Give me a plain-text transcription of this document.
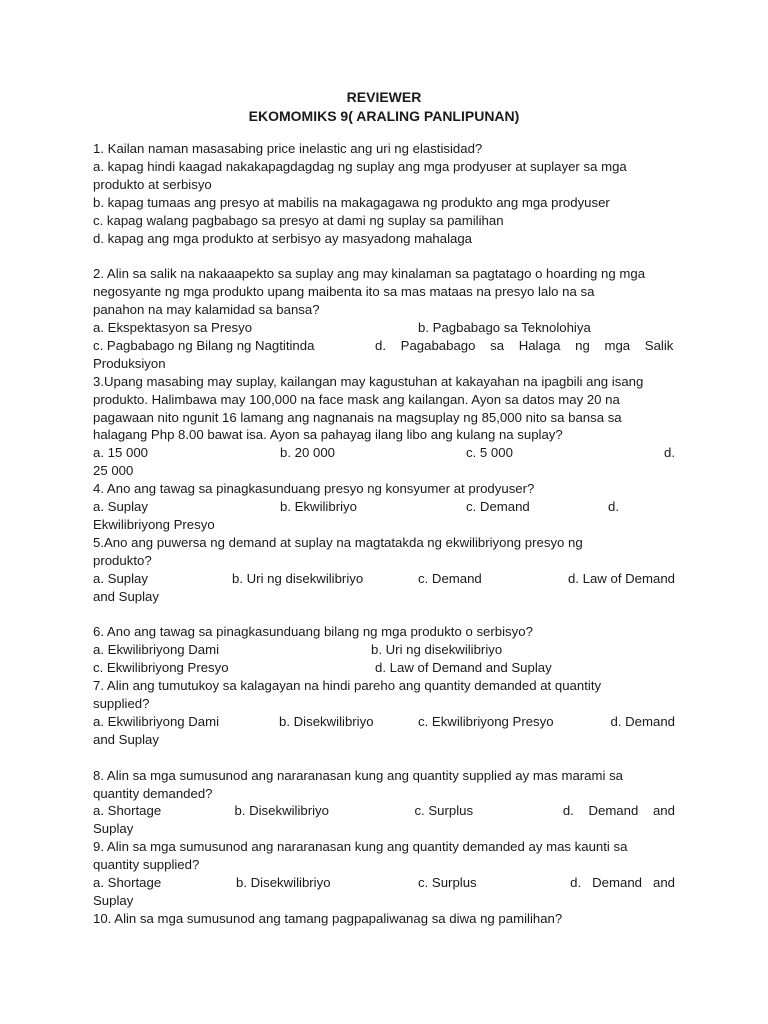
REVIEWER
EKOMOMIKS 9( ARALING PANLIPUNAN)
1. Kailan naman masasabing price inelastic ang uri ng elastisidad?
a. kapag hindi kaagad nakakapagdagdag ng suplay ang mga prodyuser at suplayer sa mga
produkto at serbisyo
b. kapag tumaas ang presyo at mabilis na makagagawa ng produkto ang mga prodyuser
c. kapag walang pagbabago sa presyo at dami ng suplay sa pamilihan
d. kapag ang mga produkto at serbisyo ay masyadong mahalaga
2. Alin sa salik na nakaaapekto sa suplay ang may kinalaman sa pagtatago o hoarding ng mga
negosyante ng mga produkto upang maibenta ito sa mas mataas na presyo lalo na sa
panahon na may kalamidad sa bansa?
a. Ekspektasyon sa Presyo	b. Pagbabago sa Teknolohiya
c. Pagbabago ng Bilang ng Nagtitinda	d.    Pagababago    sa    Halaga    ng    mga    Salik
Produksiyon
3.Upang masabing may suplay, kailangan may kagustuhan at kakayahan na ipagbili ang isang
produkto. Halimbawa may 100,000 na face mask ang kailangan. Ayon sa datos may 20 na
pagawaan nito ngunit 16 lamang ang nagnanais na magsuplay ng 85,000 nito sa bansa sa
halagang Php 8.00 bawat isa. Ayon sa pahayag ilang libo ang kulang na suplay?
a. 15 000	b. 20 000	c. 5 000	d.
25 000
4. Ano ang tawag sa pinagkasunduang presyo ng konsyumer at prodyuser?
a. Suplay	b. Ekwilibriyo	c. Demand	d.
Ekwilibriyong Presyo
5.Ano ang puwersa ng demand at suplay na magtatakda ng ekwilibriyong presyo ng
produkto?
a. Suplay	b. Uri ng disekwilibriyo	c. Demand	d. Law of Demand
and Suplay
6. Ano ang tawag sa pinagkasunduang bilang ng mga produkto o serbisyo?
a. Ekwilibriyong Dami	b. Uri ng disekwilibriyo
c. Ekwilibriyong Presyo	d. Law of Demand and Suplay
7. Alin ang tumutukoy sa kalagayan na hindi pareho ang quantity demanded at quantity
supplied?
a. Ekwilibriyong Dami	b. Disekwilibriyo	c. Ekwilibriyong Presyo	d. Demand
and Suplay
8. Alin sa mga sumusunod ang nararanasan kung ang quantity supplied ay mas marami sa
quantity demanded?
a. Shortage	b. Disekwilibriyo	c. Surplus	d.    Demand    and
Suplay
9. Alin sa mga sumusunod ang nararanasan kung ang quantity demanded ay mas kaunti sa
quantity supplied?
a. Shortage	b. Disekwilibriyo	c. Surplus	d.   Demand   and
Suplay
10. Alin sa mga sumusunod ang tamang pagpapaliwanag sa diwa ng pamilihan?
